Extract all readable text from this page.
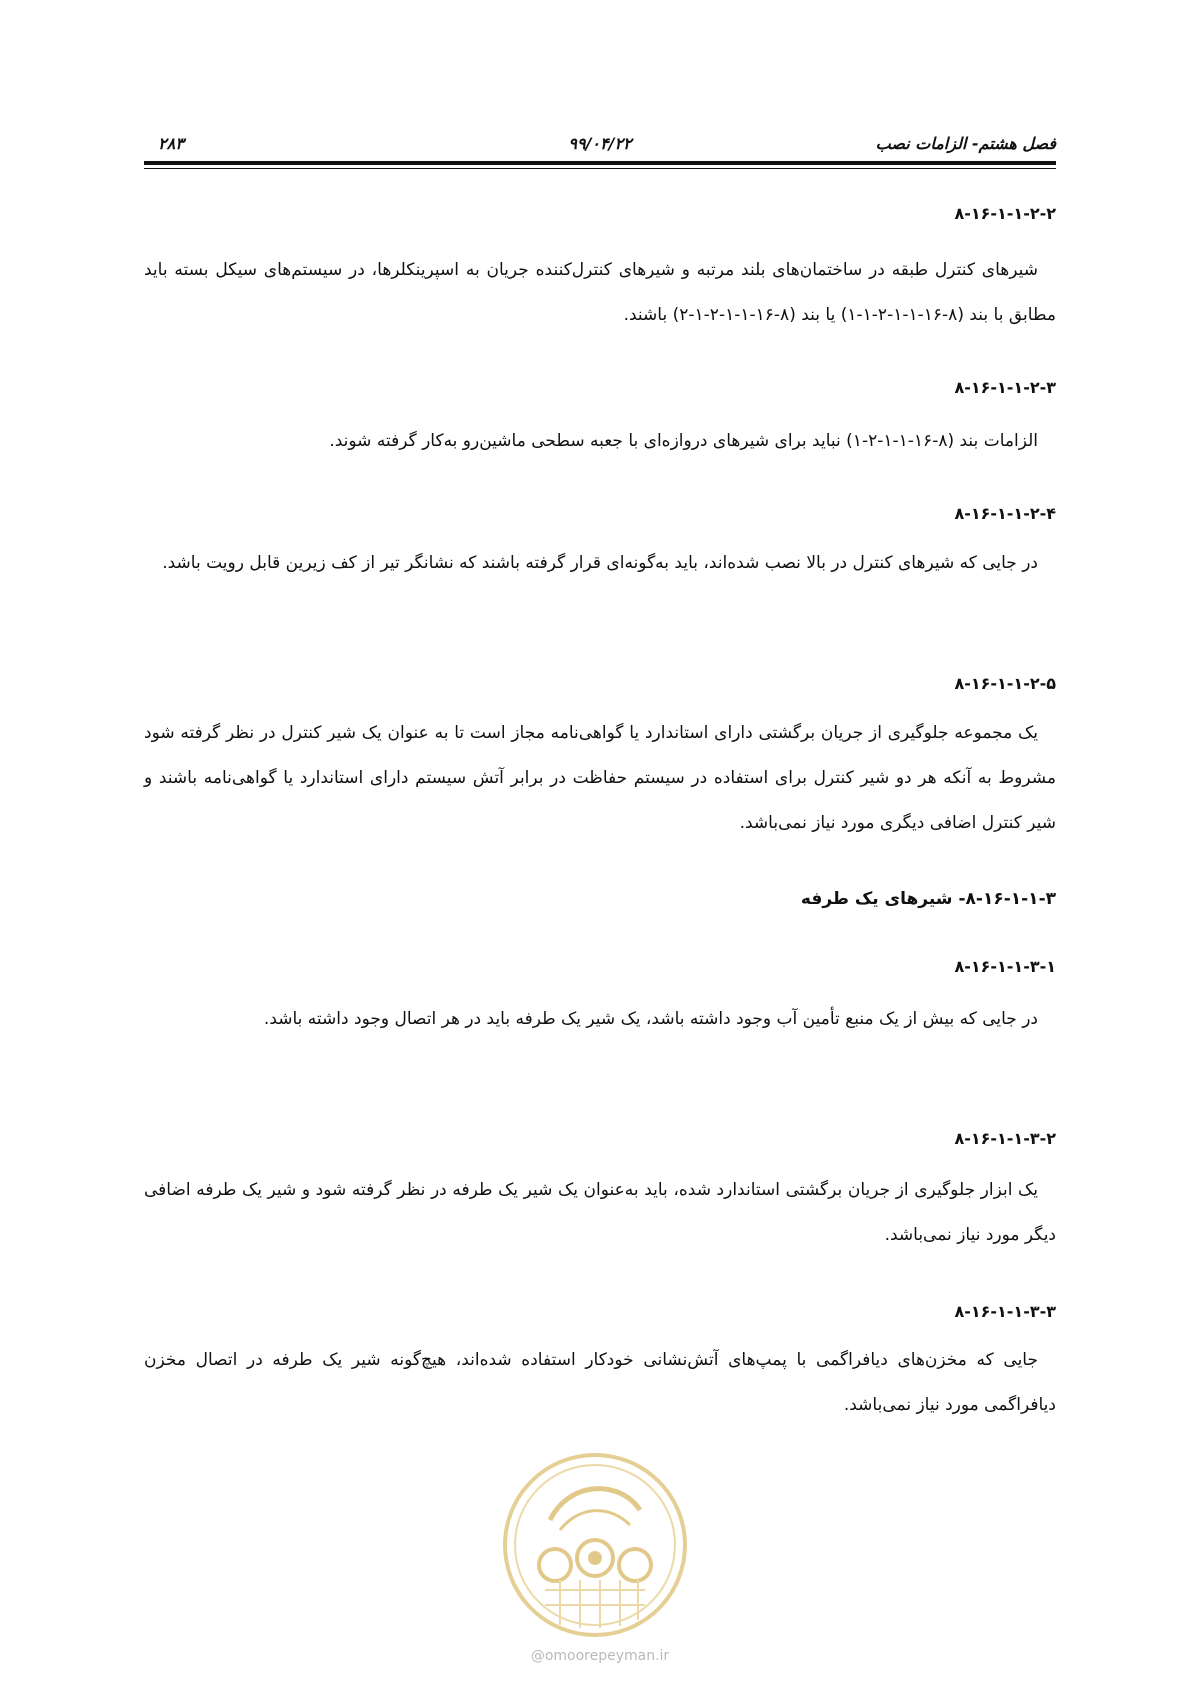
فصل هشتم- الزامات نصب
۹۹/۰۴/۲۲
۲۸۳
۸-۱۶-۱-۱-۲-۲
شیرهای کنترل طبقه در ساختمان‌های بلند مرتبه و شیرهای کنترل‌کننده جریان به اسپرینکلرها، در سیستم‌های سیکل بسته باید مطابق با بند (۸-۱۶-۱-۱-۲-۱-۱) یا بند (۸-۱۶-۱-۱-۲-۱-۲) باشند.
۸-۱۶-۱-۱-۲-۳
الزامات بند (۸-۱۶-۱-۱-۲-۱) نباید برای شیرهای دروازه‌ای با جعبه سطحی ماشین‌رو به‌کار گرفته شوند.
۸-۱۶-۱-۱-۲-۴
در جایی که شیرهای کنترل در بالا نصب شده‌اند، باید به‌گونه‌ای قرار گرفته باشند که نشانگر تیر از کف زیرین قابل رویت باشد.
۸-۱۶-۱-۱-۲-۵
یک مجموعه جلوگیری از جریان برگشتی دارای استاندارد یا گواهی‌نامه مجاز است تا به عنوان یک شیر کنترل در نظر گرفته شود مشروط به آنکه هر دو شیر کنترل برای استفاده در سیستم حفاظت در برابر آتش سیستم دارای استاندارد یا گواهی‌نامه باشند و شیر کنترل اضافی دیگری مورد نیاز نمی‌باشد.
۸-۱۶-۱-۱-۳- شیرهای یک طرفه
۸-۱۶-۱-۱-۳-۱
در جایی که بیش از یک منبع تأمین آب وجود داشته باشد، یک شیر یک طرفه باید در هر اتصال وجود داشته باشد.
۸-۱۶-۱-۱-۳-۲
یک ابزار جلوگیری از جریان برگشتی استاندارد شده، باید به‌عنوان یک شیر یک طرفه در نظر گرفته شود و شیر یک طرفه اضافی دیگر مورد نیاز نمی‌باشد.
۸-۱۶-۱-۱-۳-۳
جایی که مخزن‌های دیافراگمی با پمپ‌های آتش‌نشانی خودکار استفاده شده‌اند، هیچ‌گونه شیر یک طرفه در اتصال مخزن دیافراگمی مورد نیاز نمی‌باشد.
@omoorepeyman.ir
